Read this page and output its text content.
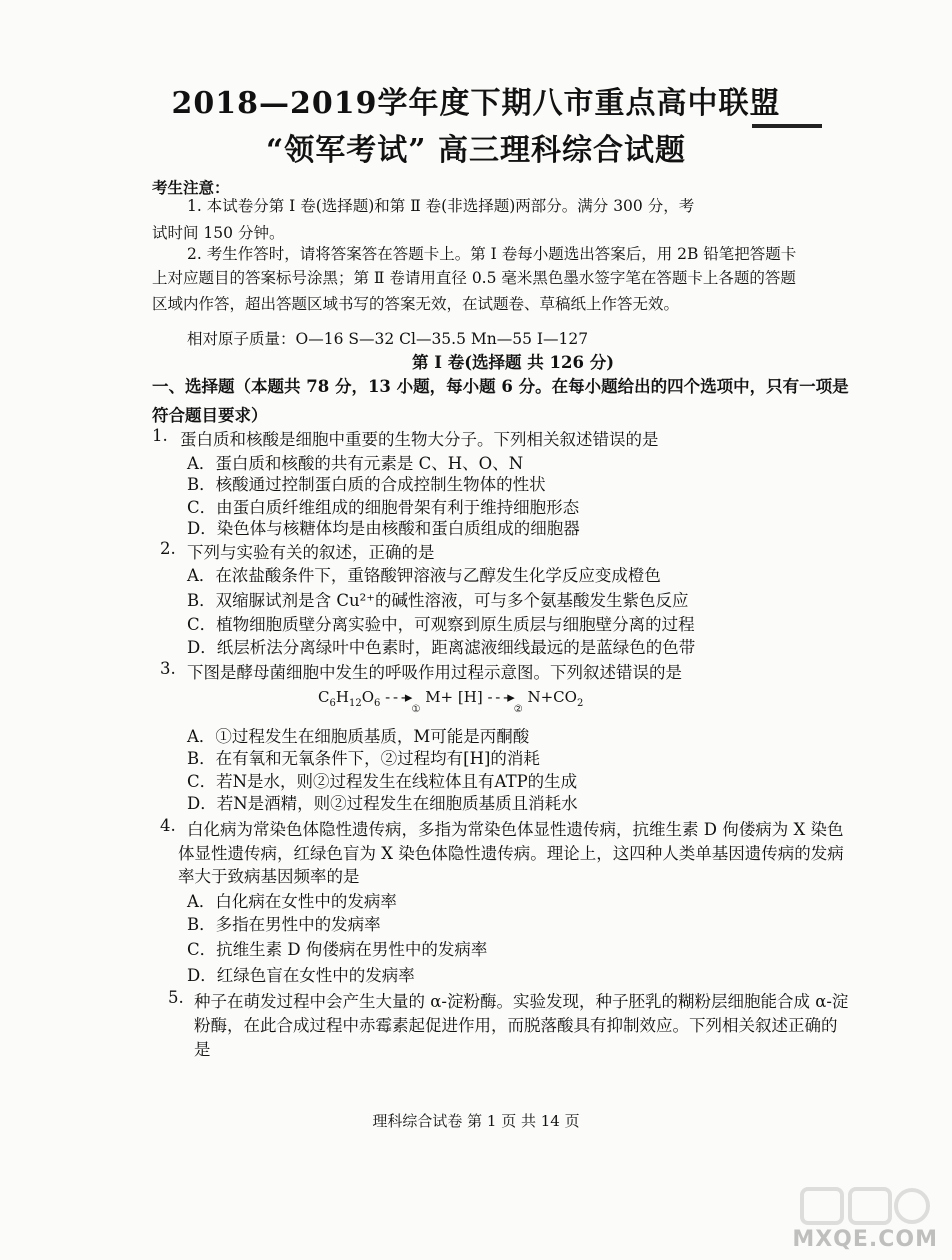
2018—2019学年度下期八市重点高中联盟
“领军考试” 高三理科综合试题
考生注意：
1. 本试卷分第 Ⅰ 卷(选择题)和第 Ⅱ 卷(非选择题)两部分。满分 300 分，考
试时间 150 分钟。
2. 考生作答时，请将答案答在答题卡上。第 Ⅰ 卷每小题选出答案后，用 2B 铅笔把答题卡
上对应题目的答案标号涂黑；第 Ⅱ 卷请用直径 0.5 毫米黑色墨水签字笔在答题卡上各题的答题
区域内作答，超出答题区域书写的答案无效，在试题卷、草稿纸上作答无效。
相对原子质量：O—16 S—32 Cl—35.5 Mn—55 I—127
第 Ⅰ 卷(选择题 共 126 分)
一、选择题（本题共 78 分，13 小题，每小题 6 分。在每小题给出的四个选项中，只有一项是
符合题目要求）
1. 蛋白质和核酸是细胞中重要的生物大分子。下列相关叙述错误的是
A．蛋白质和核酸的共有元素是 C、H、O、N
B．核酸通过控制蛋白质的合成控制生物体的性状
C．由蛋白质纤维组成的细胞骨架有利于维持细胞形态
D．染色体与核糖体均是由核酸和蛋白质组成的细胞器
2. 下列与实验有关的叙述，正确的是
A．在浓盐酸条件下，重铬酸钾溶液与乙醇发生化学反应变成橙色
B．双缩脲试剂是含 Cu²⁺的碱性溶液，可与多个氨基酸发生紫色反应
C．植物细胞质壁分离实验中，可观察到原生质层与细胞壁分离的过程
D．纸层析法分离绿叶中色素时，距离滤液细线最远的是蓝绿色的色带
3. 下图是酵母菌细胞中发生的呼吸作用过程示意图。下列叙述错误的是
$C_6H_{12}O_6$ - - $-▸_①$ M+ [H] - - $-▸_②$ $N+CO_2$
A．①过程发生在细胞质基质，M可能是丙酮酸
B．在有氧和无氧条件下，②过程均有[H]的消耗
C．若N是水，则②过程发生在线粒体且有ATP的生成
D．若N是酒精，则②过程发生在细胞质基质且消耗水
4. 白化病为常染色体隐性遗传病，多指为常染色体显性遗传病，抗维生素 D 佝偻病为 X 染色
体显性遗传病，红绿色盲为 X 染色体隐性遗传病。理论上，这四种人类单基因遗传病的发病
率大于致病基因频率的是
A．白化病在女性中的发病率
B．多指在男性中的发病率
C．抗维生素 D 佝偻病在男性中的发病率
D．红绿色盲在女性中的发病率
5. 种子在萌发过程中会产生大量的 α-淀粉酶。实验发现，种子胚乳的糊粉层细胞能合成 α-淀
粉酶，在此合成过程中赤霉素起促进作用，而脱落酸具有抑制效应。下列相关叙述正确的
是
理科综合试卷 第 1 页 共 14 页
MXQE.COM
